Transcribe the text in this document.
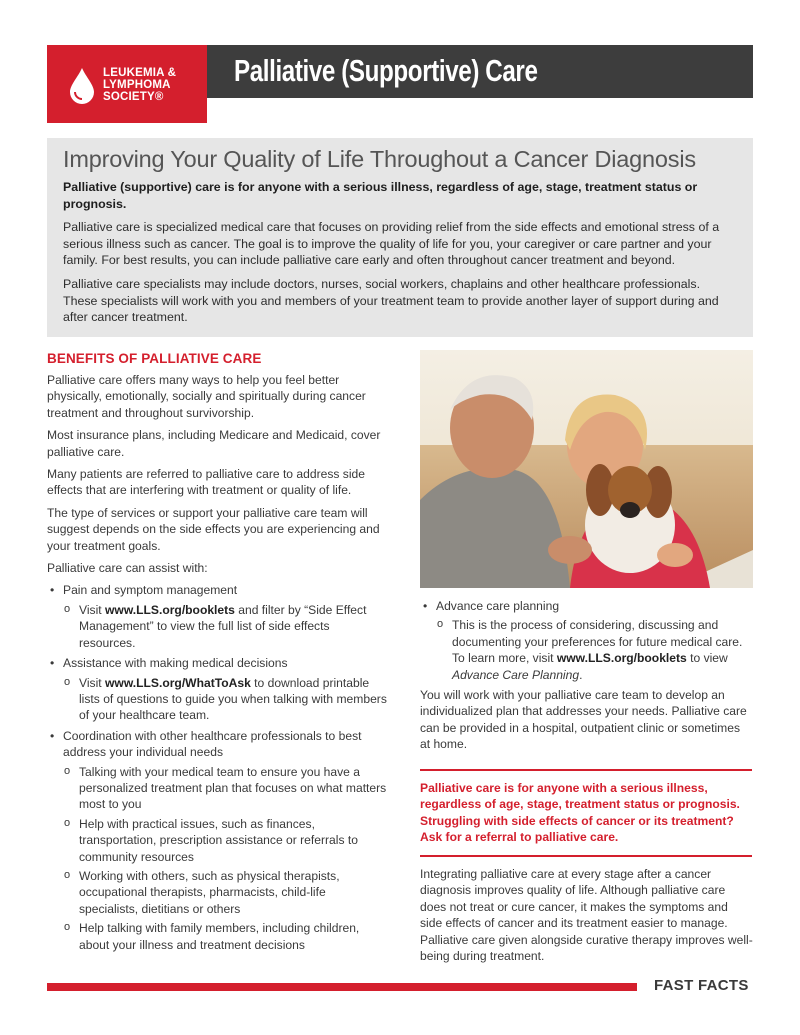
LEUKEMIA &
LYMPHOMA
SOCIETY®
Palliative (Supportive) Care
Improving Your Quality of Life Throughout a Cancer Diagnosis

Palliative (supportive) care is for anyone with a serious illness, regardless of age, stage, treatment status or prognosis.

Palliative care is specialized medical care that focuses on providing relief from the side effects and emotional stress of a serious illness such as cancer. The goal is to improve the quality of life for you, your caregiver or care partner and your family. For best results, you can include palliative care early and often throughout cancer treatment and beyond.

Palliative care specialists may include doctors, nurses, social workers, chaplains and other healthcare professionals. These specialists will work with you and members of your treatment team to provide another layer of support during and after cancer treatment.

BENEFITS OF PALLIATIVE CARE

Palliative care offers many ways to help you feel better physically, emotionally, socially and spiritually during cancer treatment and throughout survivorship.

Most insurance plans, including Medicare and Medicaid, cover palliative care.

Many patients are referred to palliative care to address side effects that are interfering with treatment or quality of life.

The type of services or support your palliative care team will suggest depends on the side effects you are experiencing and your treatment goals.

Palliative care can assist with:

• Pain and symptom management
o Visit www.LLS.org/booklets and filter by “Side Effect Management” to view the full list of side effects resources.
• Assistance with making medical decisions
o Visit www.LLS.org/WhatToAsk to download printable lists of questions to guide you when talking with members of your healthcare team.
• Coordination with other healthcare professionals to best address your individual needs
o Talking with your medical team to ensure you have a personalized treatment plan that focuses on what matters most to you
o Help with practical issues, such as finances, transportation, prescription assistance or referrals to community resources
o Working with others, such as physical therapists, occupational therapists, pharmacists, child-life specialists, dietitians or others
o Help talking with family members, including children, about your illness and treatment decisions
• Advance care planning
o This is the process of considering, discussing and documenting your preferences for future medical care. To learn more, visit www.LLS.org/booklets to view Advance Care Planning.

You will work with your palliative care team to develop an individualized plan that addresses your needs. Palliative care can be provided in a hospital, outpatient clinic or sometimes at home.

Palliative care is for anyone with a serious illness, regardless of age, stage, treatment status or prognosis. Struggling with side effects of cancer or its treatment? Ask for a referral to palliative care.
Integrating palliative care at every stage after a cancer diagnosis improves quality of life. Although palliative care does not treat or cure cancer, it makes the symptoms and side effects of cancer and its treatment easier to manage. Palliative care given alongside curative therapy improves well-being during treatment.
FAST FACTS
